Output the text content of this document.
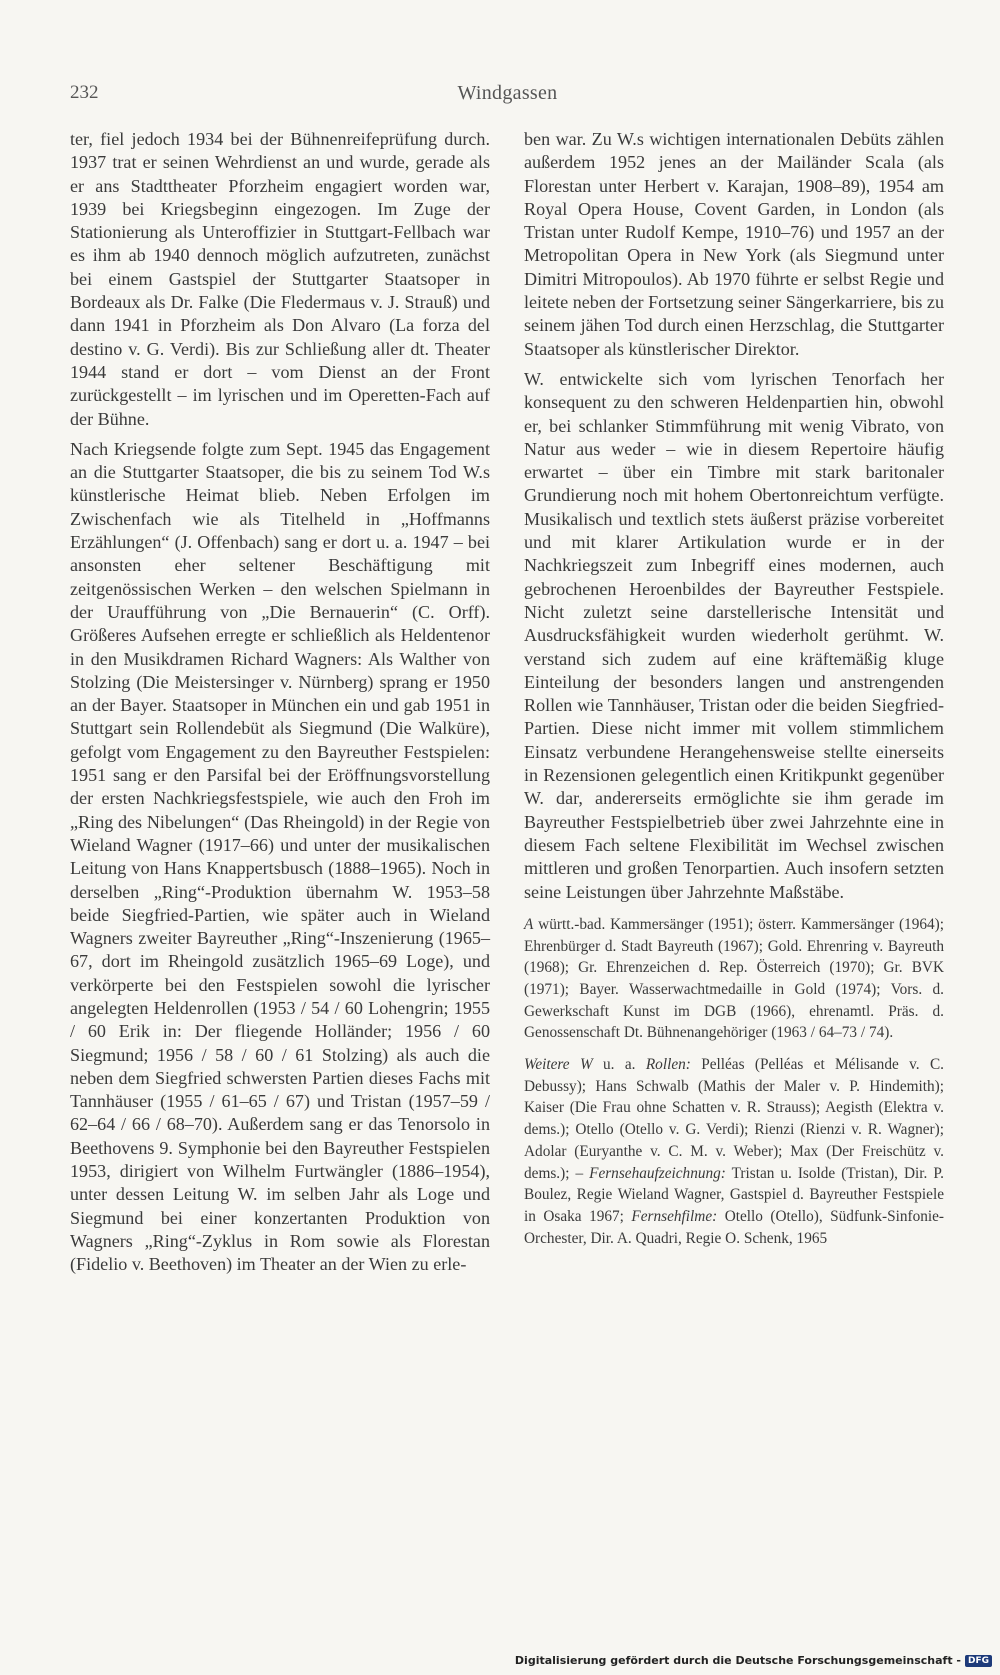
232	Windgassen

ter, fiel jedoch 1934 bei der Bühnenreifeprüfung durch. 1937 trat er seinen Wehrdienst an und wurde, gerade als er ans Stadttheater Pforzheim engagiert worden war, 1939 bei Kriegsbeginn eingezogen. Im Zuge der Stationierung als Unteroffizier in Stuttgart-Fellbach war es ihm ab 1940 dennoch möglich aufzutreten, zunächst bei einem Gastspiel der Stuttgarter Staatsoper in Bordeaux als Dr. Falke (Die Fledermaus v. J. Strauß) und dann 1941 in Pforzheim als Don Alvaro (La forza del destino v. G. Verdi). Bis zur Schließung aller dt. Theater 1944 stand er dort – vom Dienst an der Front zurückgestellt – im lyrischen und im Operetten-Fach auf der Bühne.

Nach Kriegsende folgte zum Sept. 1945 das Engagement an die Stuttgarter Staatsoper, die bis zu seinem Tod W.s künstlerische Heimat blieb. Neben Erfolgen im Zwischenfach wie als Titelheld in „Hoffmanns Erzählungen“ (J. Offenbach) sang er dort u. a. 1947 – bei ansonsten eher seltener Beschäftigung mit zeitgenössischen Werken – den welschen Spielmann in der Uraufführung von „Die Bernauerin“ (C. Orff). Größeres Aufsehen erregte er schließlich als Heldentenor in den Musikdramen Richard Wagners: Als Walther von Stolzing (Die Meistersinger v. Nürnberg) sprang er 1950 an der Bayer. Staatsoper in München ein und gab 1951 in Stuttgart sein Rollendebüt als Siegmund (Die Walküre), gefolgt vom Engagement zu den Bayreuther Festspielen: 1951 sang er den Parsifal bei der Eröffnungsvorstellung der ersten Nachkriegsfestspiele, wie auch den Froh im „Ring des Nibelungen“ (Das Rheingold) in der Regie von Wieland Wagner (1917–66) und unter der musikalischen Leitung von Hans Knappertsbusch (1888–1965). Noch in derselben „Ring“-Produktion übernahm W. 1953–58 beide Siegfried-Partien, wie später auch in Wieland Wagners zweiter Bayreuther „Ring“-Inszenierung (1965–67, dort im Rheingold zusätzlich 1965–69 Loge), und verkörperte bei den Festspielen sowohl die lyrischer angelegten Heldenrollen (1953 / 54 / 60 Lohengrin; 1955 / 60 Erik in: Der fliegende Holländer; 1956 / 60 Siegmund; 1956 / 58 / 60 / 61 Stolzing) als auch die neben dem Siegfried schwersten Partien dieses Fachs mit Tannhäuser (1955 / 61–65 / 67) und Tristan (1957–59 / 62–64 / 66 / 68–70). Außerdem sang er das Tenorsolo in Beethovens 9. Symphonie bei den Bayreuther Festspielen 1953, dirigiert von Wilhelm Furtwängler (1886–1954), unter dessen Leitung W. im selben Jahr als Loge und Siegmund bei einer konzertanten Produktion von Wagners „Ring“-Zyklus in Rom sowie als Florestan (Fidelio v. Beethoven) im Theater an der Wien zu erle-

ben war. Zu W.s wichtigen internationalen Debüts zählen außerdem 1952 jenes an der Mailänder Scala (als Florestan unter Herbert v. Karajan, 1908–89), 1954 am Royal Opera House, Covent Garden, in London (als Tristan unter Rudolf Kempe, 1910–76) und 1957 an der Metropolitan Opera in New York (als Siegmund unter Dimitri Mitropoulos). Ab 1970 führte er selbst Regie und leitete neben der Fortsetzung seiner Sängerkarriere, bis zu seinem jähen Tod durch einen Herzschlag, die Stuttgarter Staatsoper als künstlerischer Direktor.

W. entwickelte sich vom lyrischen Tenorfach her konsequent zu den schweren Heldenpartien hin, obwohl er, bei schlanker Stimmführung mit wenig Vibrato, von Natur aus weder – wie in diesem Repertoire häufig erwartet – über ein Timbre mit stark baritonaler Grundierung noch mit hohem Obertonreichtum verfügte. Musikalisch und textlich stets äußerst präzise vorbereitet und mit klarer Artikulation wurde er in der Nachkriegszeit zum Inbegriff eines modernen, auch gebrochenen Heroenbildes der Bayreuther Festspiele. Nicht zuletzt seine darstellerische Intensität und Ausdrucksfähigkeit wurden wiederholt gerühmt. W. verstand sich zudem auf eine kräftemäßig kluge Einteilung der besonders langen und anstrengenden Rollen wie Tannhäuser, Tristan oder die beiden Siegfried-Partien. Diese nicht immer mit vollem stimmlichem Einsatz verbundene Herangehensweise stellte einerseits in Rezensionen gelegentlich einen Kritikpunkt gegenüber W. dar, andererseits ermöglichte sie ihm gerade im Bayreuther Festspielbetrieb über zwei Jahrzehnte eine in diesem Fach seltene Flexibilität im Wechsel zwischen mittleren und großen Tenorpartien. Auch insofern setzten seine Leistungen über Jahrzehnte Maßstäbe.

A württ.-bad. Kammersänger (1951); österr. Kammersänger (1964); Ehrenbürger d. Stadt Bayreuth (1967); Gold. Ehrenring v. Bayreuth (1968); Gr. Ehrenzeichen d. Rep. Österreich (1970); Gr. BVK (1971); Bayer. Wasserwachtmedaille in Gold (1974); Vors. d. Gewerkschaft Kunst im DGB (1966), ehrenamtl. Präs. d. Genossenschaft Dt. Bühnenangehöriger (1963 / 64–73 / 74).

Weitere W u. a. Rollen: Pelléas (Pelléas et Mélisande v. C. Debussy); Hans Schwalb (Mathis der Maler v. P. Hindemith); Kaiser (Die Frau ohne Schatten v. R. Strauss); Aegisth (Elektra v. dems.); Otello (Otello v. G. Verdi); Rienzi (Rienzi v. R. Wagner); Adolar (Euryanthe v. C. M. v. Weber); Max (Der Freischütz v. dems.); – Fernsehaufzeichnung: Tristan u. Isolde (Tristan), Dir. P. Boulez, Regie Wieland Wagner, Gastspiel d. Bayreuther Festspiele in Osaka 1967; Fernsehfilme: Otello (Otello), Südfunk-Sinfonie-Orchester, Dir. A. Quadri, Regie O. Schenk, 1965

Digitalisierung gefördert durch die Deutsche Forschungsgemeinschaft - DFG
